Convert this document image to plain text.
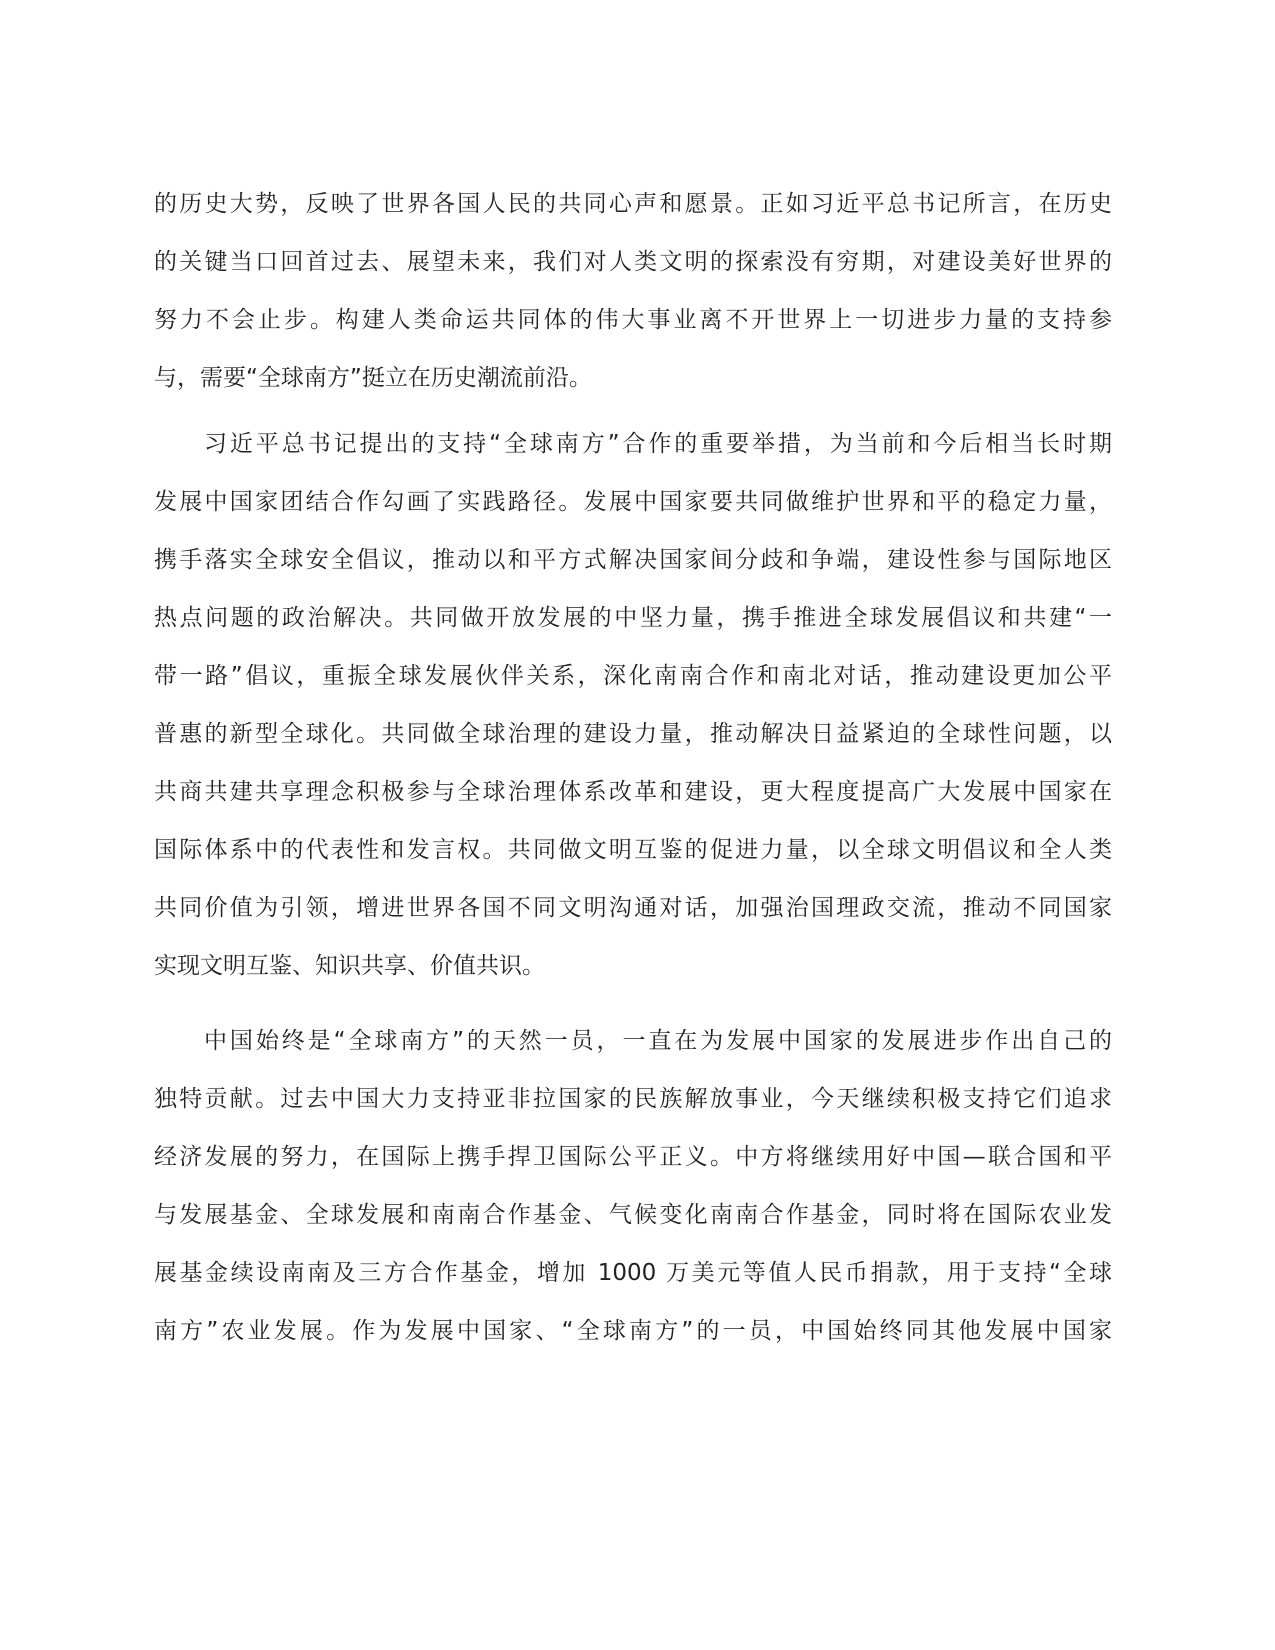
的历史大势，反映了世界各国人民的共同心声和愿景。正如习近平总书记所言，在历史
的关键当口回首过去、展望未来，我们对人类文明的探索没有穷期，对建设美好世界的
努力不会止步。构建人类命运共同体的伟大事业离不开世界上一切进步力量的支持参
与，需要“全球南方”挺立在历史潮流前沿。
习近平总书记提出的支持“全球南方”合作的重要举措，为当前和今后相当长时期
发展中国家团结合作勾画了实践路径。发展中国家要共同做维护世界和平的稳定力量，
携手落实全球安全倡议，推动以和平方式解决国家间分歧和争端，建设性参与国际地区
热点问题的政治解决。共同做开放发展的中坚力量，携手推进全球发展倡议和共建“一
带一路”倡议，重振全球发展伙伴关系，深化南南合作和南北对话，推动建设更加公平
普惠的新型全球化。共同做全球治理的建设力量，推动解决日益紧迫的全球性问题，以
共商共建共享理念积极参与全球治理体系改革和建设，更大程度提高广大发展中国家在
国际体系中的代表性和发言权。共同做文明互鉴的促进力量，以全球文明倡议和全人类
共同价值为引领，增进世界各国不同文明沟通对话，加强治国理政交流，推动不同国家
实现文明互鉴、知识共享、价值共识。
中国始终是“全球南方”的天然一员，一直在为发展中国家的发展进步作出自己的
独特贡献。过去中国大力支持亚非拉国家的民族解放事业，今天继续积极支持它们追求
经济发展的努力，在国际上携手捍卫国际公平正义。中方将继续用好中国—联合国和平
与发展基金、全球发展和南南合作基金、气候变化南南合作基金，同时将在国际农业发
展基金续设南南及三方合作基金，增加 1000 万美元等值人民币捐款，用于支持“全球
南方”农业发展。作为发展中国家、“全球南方”的一员，中国始终同其他发展中国家
